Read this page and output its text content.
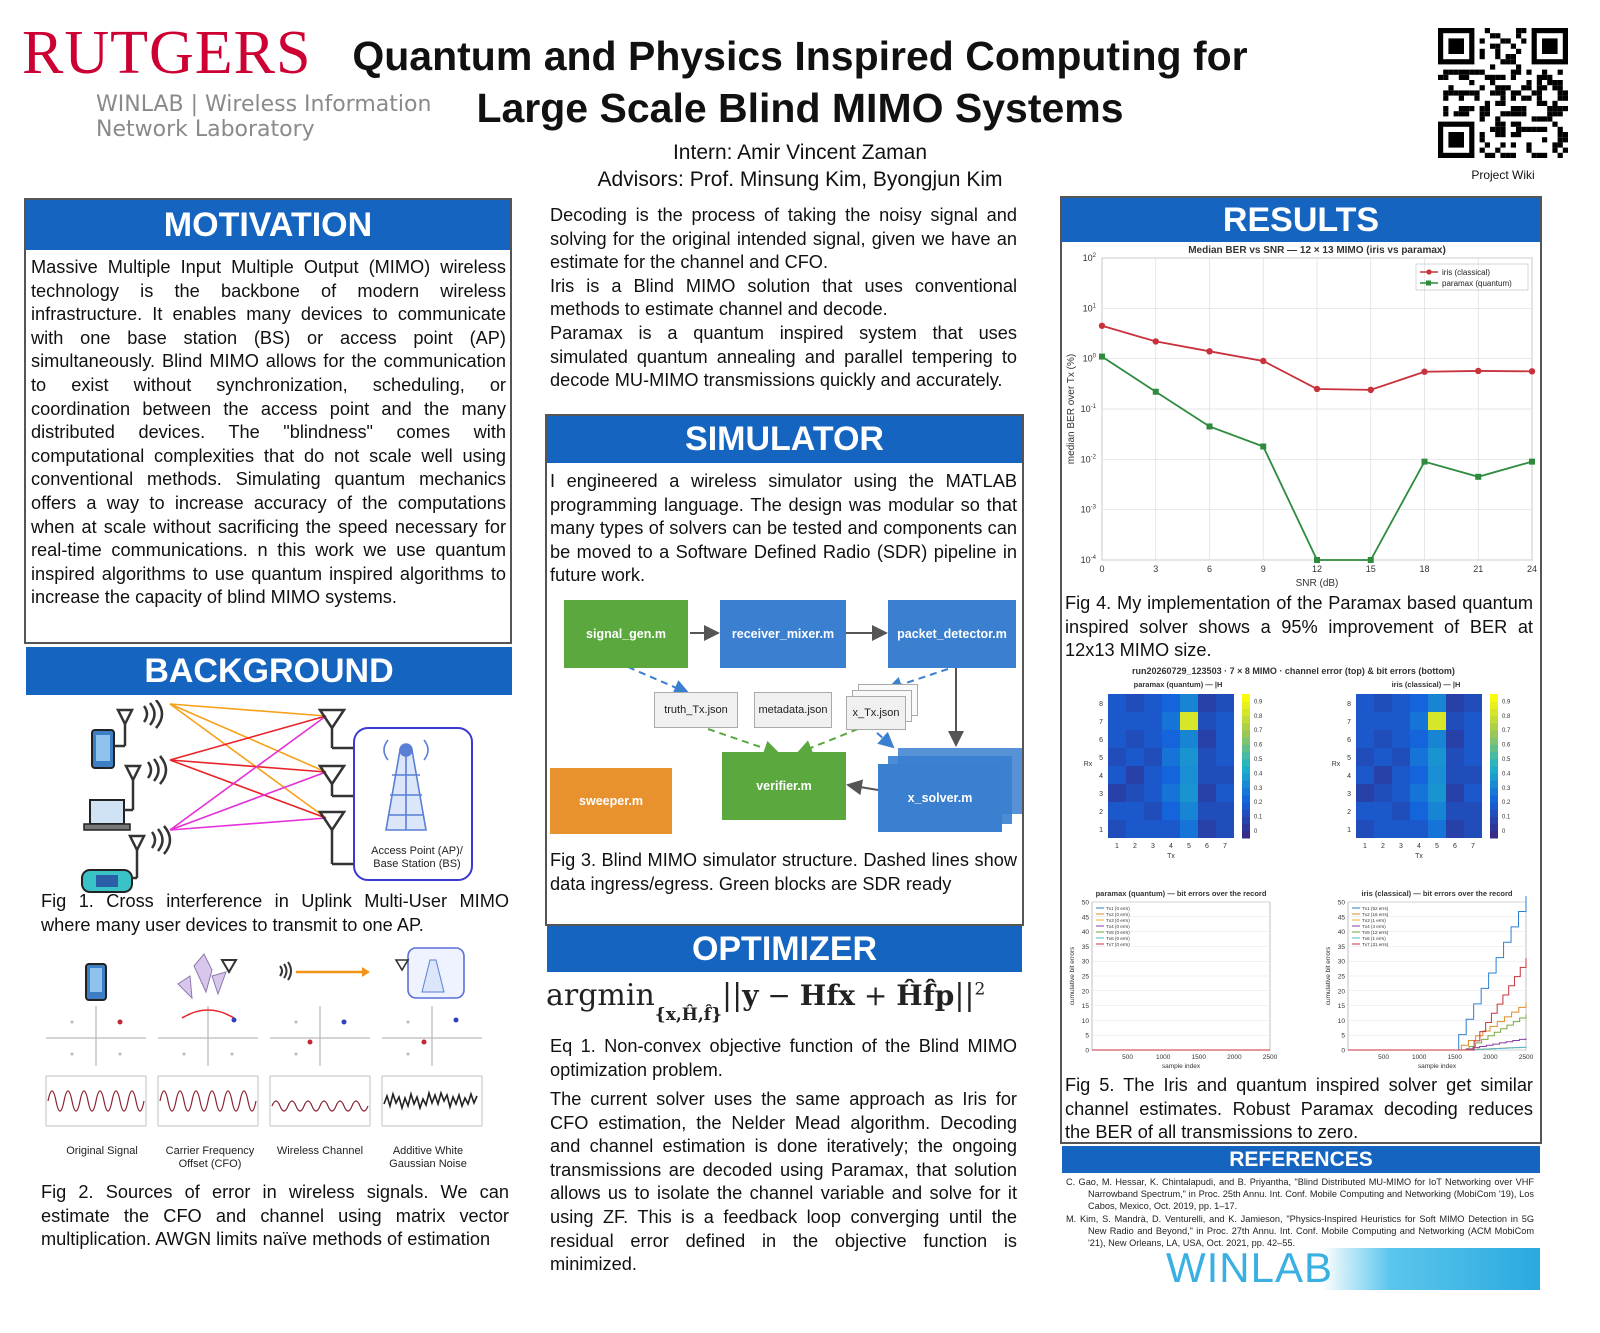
RUTGERS
WINLAB | Wireless Information
Network Laboratory
Quantum and Physics Inspired Computing for
Large Scale Blind MIMO Systems
Intern: Amir Vincent Zaman
Advisors: Prof. Minsung Kim, Byongjun Kim	Project Wiki
MOTIVATION
Massive Multiple Input Multiple Output (MIMO) wireless technology is the backbone of modern wireless infrastructure. It enables many devices to communicate with one base station (BS) or access point (AP) simultaneously. Blind MIMO allows for the communication to exist without synchronization, scheduling, or coordination between the access point and the many distributed devices. The "blindness" comes with computational complexities that do not scale well using conventional methods. Simulating quantum mechanics offers a way to increase accuracy of the computations when at scale without sacrificing the speed necessary for real-time communications. n this work we use quantum inspired algorithms to use quantum inspired algorithms to increase the capacity of blind MIMO systems.
BACKGROUND
Access Point (AP)/ Base Station (BS)
Fig 1. Cross interference in Uplink Multi-User MIMO where many user devices to transmit to one AP.
Original Signal	Carrier Frequency Offset (CFO)
Wireless Channel	Additive White Gaussian Noise
Fig 2. Sources of error in wireless signals. We can estimate the CFO and channel using matrix vector multiplication. AWGN limits naïve methods of estimation
Decoding is the process of taking the noisy signal and solving for the original intended signal, given we have an estimate for the channel and CFO.
Iris is a Blind MIMO solution that uses conventional methods to estimate channel and decode.
Paramax is a quantum inspired system that uses simulated quantum annealing and parallel tempering to decode MU-MIMO transmissions quickly and accurately.
SIMULATOR
I engineered a wireless simulator using the MATLAB programming language. The design was modular so that many types of solvers can be tested and components can be moved to a Software Defined Radio (SDR) pipeline in future work.
signal_gen.m	receiver_mixer.m	packet_detector.m
truth_Tx.json	metadata.json	x_Tx.json
sweeper.m
verifier.m
x_solver.m
Fig 3. Blind MIMO simulator structure. Dashed lines show data ingress/egress. Green blocks are SDR ready
OPTIMIZER
argmin$_{\{x,Ĥ,f̂\}}$||y − Hfx + $Ĥf̂p||^2$
Eq 1. Non-convex objective function of the Blind MIMO optimization problem.
The current solver uses the same approach as Iris for CFO estimation, the Nelder Mead algorithm. Decoding and channel estimation is done iteratively; the ongoing transmissions are decoded using Paramax, that solution allows us to isolate the channel variable and solve for it using ZF. This is a feedback loop converging until the residual error defined in the objective function is minimized.
RESULTS
$10^{-4}$
$10^{-3}$
$10^{-2}$
$10^{-1}$
$10^0$
$10^1$
$10^2$
0	3	6	9	12	15	18	21	24
Median BER vs SNR — 12 × 13 MIMO (iris vs paramax)
SNR (dB)
median BER over Tx (%)
iris (classical)
paramax (quantum)
Fig 4. My implementation of the Paramax based quantum inspired solver shows a 95% improvement of BER at 12x13 MIMO size.
run20260729_123503 · 7 × 8 MIMO · channel error (top) & bit errors (bottom)
paramax (quantum) — |H
1 2 3 4 5 6 7
1
2
3
4
5
6
7
8
Tx
Rx
0
0.1
0.2
0.3
0.4
0.5
0.6
0.7
0.8
0.9
iris (classical) — |H
1 2 3 4 5 6 7
1
2
3
4
5
6
7
8
Tx
Rx
0
0.1
0.2
0.3
0.4
0.5
0.6
0.7
0.8
0.9
paramax (quantum) — bit errors over the record
0
5
10
15
20
25
30
35
40
45
50
500	1000	1500	2000	2500
sample index
cumulative bit errors
Tx1 (0 errs)
Tx2 (0 errs)
Tx3 (0 errs)
Tx4 (0 errs)
Tx5 (0 errs)
Tx6 (0 errs)
Tx7 (0 errs)
iris (classical) — bit errors over the record
0
5
10
15
20
25
30
35
40
45
50
500	1000	1500	2000	2500
sample index
cumulative bit errors
Tx1 (52 errs)
Tx2 (16 errs)
Tx3 (1 errs)
Tx4 (4 errs)
Tx5 (12 errs)
Tx6 (1 errs)
Tx7 (31 errs)
Fig 5. The Iris and quantum inspired solver get similar channel estimates. Robust Paramax decoding reduces the BER of all transmissions to zero.
REFERENCES
C. Gao, M. Hessar, K. Chintalapudi, and B. Priyantha, "Blind Distributed MU-MIMO for IoT Networking over VHF Narrowband Spectrum," in Proc. 25th Annu. Int. Conf. Mobile Computing and Networking (MobiCom '19), Los Cabos, Mexico, Oct. 2019, pp. 1–17.
M. Kim, S. Mandrà, D. Venturelli, and K. Jamieson, "Physics-Inspired Heuristics for Soft MIMO Detection in 5G New Radio and Beyond," in Proc. 27th Annu. Int. Conf. Mobile Computing and Networking (ACM MobiCom '21), New Orleans, LA, USA, Oct. 2021, pp. 42–55.
WINLAB
